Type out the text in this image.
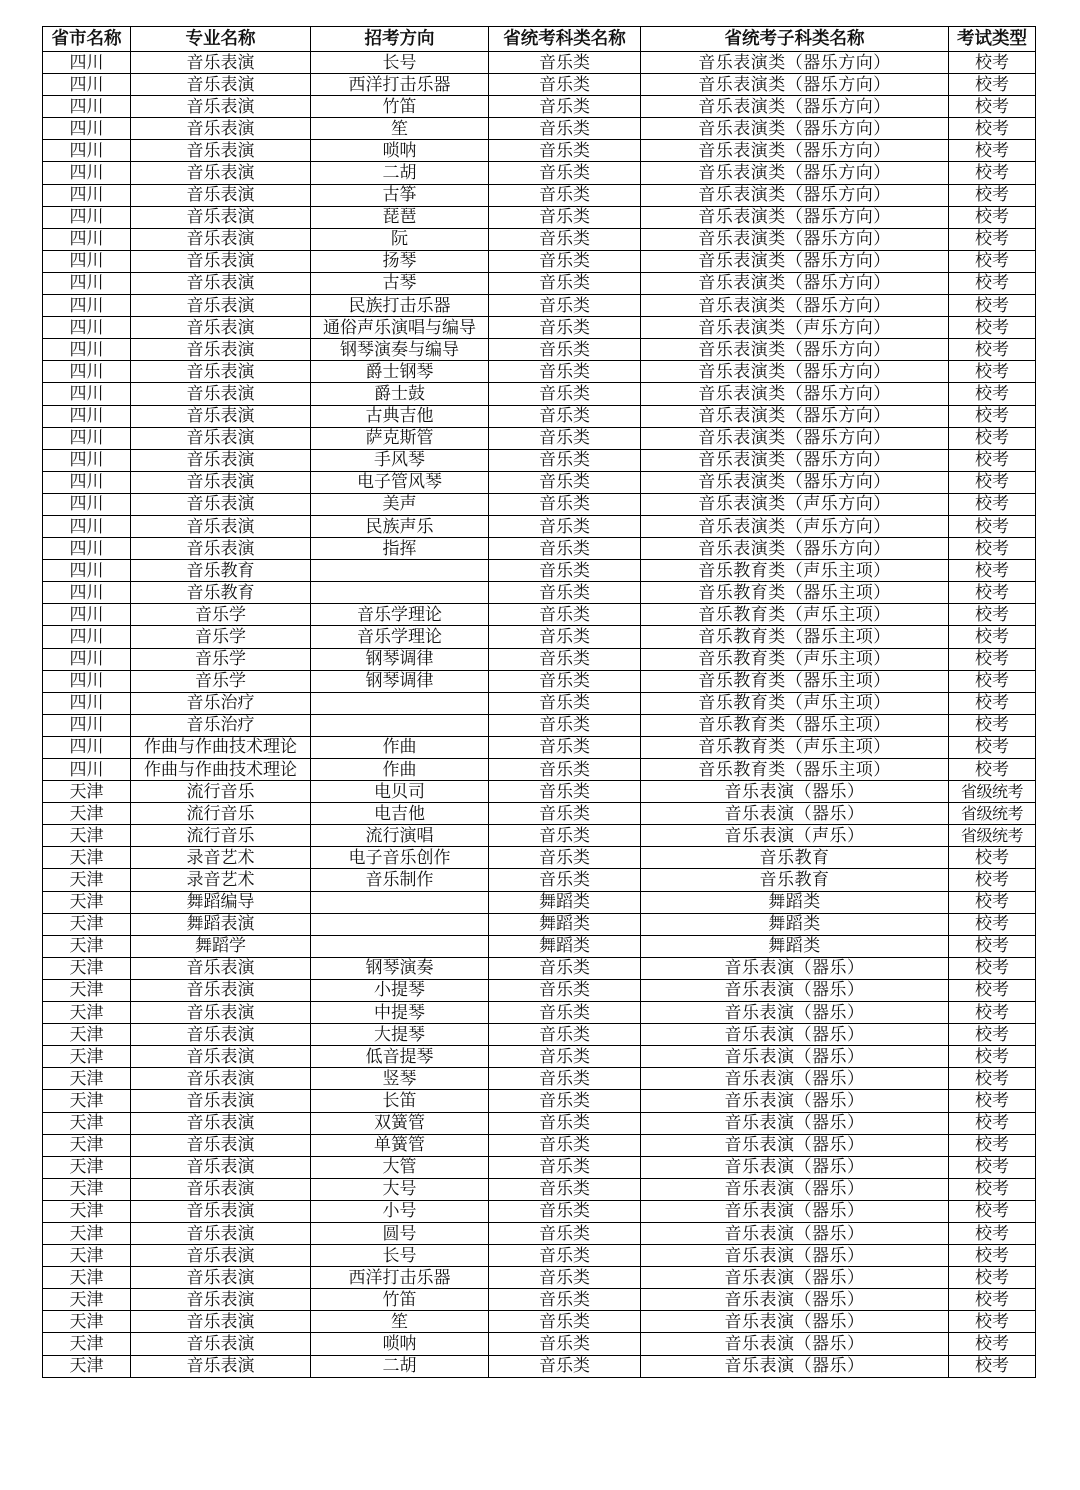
省市名称	专业名称	招考方向	省统考科类名称	省统考子科类名称	考试类型
四川	音乐表演	长号	音乐类	音乐表演类（器乐方向）	校考
四川	音乐表演	西洋打击乐器	音乐类	音乐表演类（器乐方向）	校考
四川	音乐表演	竹笛	音乐类	音乐表演类（器乐方向）	校考
四川	音乐表演	笙	音乐类	音乐表演类（器乐方向）	校考
四川	音乐表演	唢呐	音乐类	音乐表演类（器乐方向）	校考
四川	音乐表演	二胡	音乐类	音乐表演类（器乐方向）	校考
四川	音乐表演	古筝	音乐类	音乐表演类（器乐方向）	校考
四川	音乐表演	琵琶	音乐类	音乐表演类（器乐方向）	校考
四川	音乐表演	阮	音乐类	音乐表演类（器乐方向）	校考
四川	音乐表演	扬琴	音乐类	音乐表演类（器乐方向）	校考
四川	音乐表演	古琴	音乐类	音乐表演类（器乐方向）	校考
四川	音乐表演	民族打击乐器	音乐类	音乐表演类（器乐方向）	校考
四川	音乐表演	通俗声乐演唱与编导	音乐类	音乐表演类（声乐方向）	校考
四川	音乐表演	钢琴演奏与编导	音乐类	音乐表演类（器乐方向）	校考
四川	音乐表演	爵士钢琴	音乐类	音乐表演类（器乐方向）	校考
四川	音乐表演	爵士鼓	音乐类	音乐表演类（器乐方向）	校考
四川	音乐表演	古典吉他	音乐类	音乐表演类（器乐方向）	校考
四川	音乐表演	萨克斯管	音乐类	音乐表演类（器乐方向）	校考
四川	音乐表演	手风琴	音乐类	音乐表演类（器乐方向）	校考
四川	音乐表演	电子管风琴	音乐类	音乐表演类（器乐方向）	校考
四川	音乐表演	美声	音乐类	音乐表演类（声乐方向）	校考
四川	音乐表演	民族声乐	音乐类	音乐表演类（声乐方向）	校考
四川	音乐表演	指挥	音乐类	音乐表演类（器乐方向）	校考
四川	音乐教育		音乐类	音乐教育类（声乐主项）	校考
四川	音乐教育		音乐类	音乐教育类（器乐主项）	校考
四川	音乐学	音乐学理论	音乐类	音乐教育类（声乐主项）	校考
四川	音乐学	音乐学理论	音乐类	音乐教育类（器乐主项）	校考
四川	音乐学	钢琴调律	音乐类	音乐教育类（声乐主项）	校考
四川	音乐学	钢琴调律	音乐类	音乐教育类（器乐主项）	校考
四川	音乐治疗		音乐类	音乐教育类（声乐主项）	校考
四川	音乐治疗		音乐类	音乐教育类（器乐主项）	校考
四川	作曲与作曲技术理论	作曲	音乐类	音乐教育类（声乐主项）	校考
四川	作曲与作曲技术理论	作曲	音乐类	音乐教育类（器乐主项）	校考
天津	流行音乐	电贝司	音乐类	音乐表演（器乐）	省级统考
天津	流行音乐	电吉他	音乐类	音乐表演（器乐）	省级统考
天津	流行音乐	流行演唱	音乐类	音乐表演（声乐）	省级统考
天津	录音艺术	电子音乐创作	音乐类	音乐教育	校考
天津	录音艺术	音乐制作	音乐类	音乐教育	校考
天津	舞蹈编导		舞蹈类	舞蹈类	校考
天津	舞蹈表演		舞蹈类	舞蹈类	校考
天津	舞蹈学		舞蹈类	舞蹈类	校考
天津	音乐表演	钢琴演奏	音乐类	音乐表演（器乐）	校考
天津	音乐表演	小提琴	音乐类	音乐表演（器乐）	校考
天津	音乐表演	中提琴	音乐类	音乐表演（器乐）	校考
天津	音乐表演	大提琴	音乐类	音乐表演（器乐）	校考
天津	音乐表演	低音提琴	音乐类	音乐表演（器乐）	校考
天津	音乐表演	竖琴	音乐类	音乐表演（器乐）	校考
天津	音乐表演	长笛	音乐类	音乐表演（器乐）	校考
天津	音乐表演	双簧管	音乐类	音乐表演（器乐）	校考
天津	音乐表演	单簧管	音乐类	音乐表演（器乐）	校考
天津	音乐表演	大管	音乐类	音乐表演（器乐）	校考
天津	音乐表演	大号	音乐类	音乐表演（器乐）	校考
天津	音乐表演	小号	音乐类	音乐表演（器乐）	校考
天津	音乐表演	圆号	音乐类	音乐表演（器乐）	校考
天津	音乐表演	长号	音乐类	音乐表演（器乐）	校考
天津	音乐表演	西洋打击乐器	音乐类	音乐表演（器乐）	校考
天津	音乐表演	竹笛	音乐类	音乐表演（器乐）	校考
天津	音乐表演	笙	音乐类	音乐表演（器乐）	校考
天津	音乐表演	唢呐	音乐类	音乐表演（器乐）	校考
天津	音乐表演	二胡	音乐类	音乐表演（器乐）	校考
